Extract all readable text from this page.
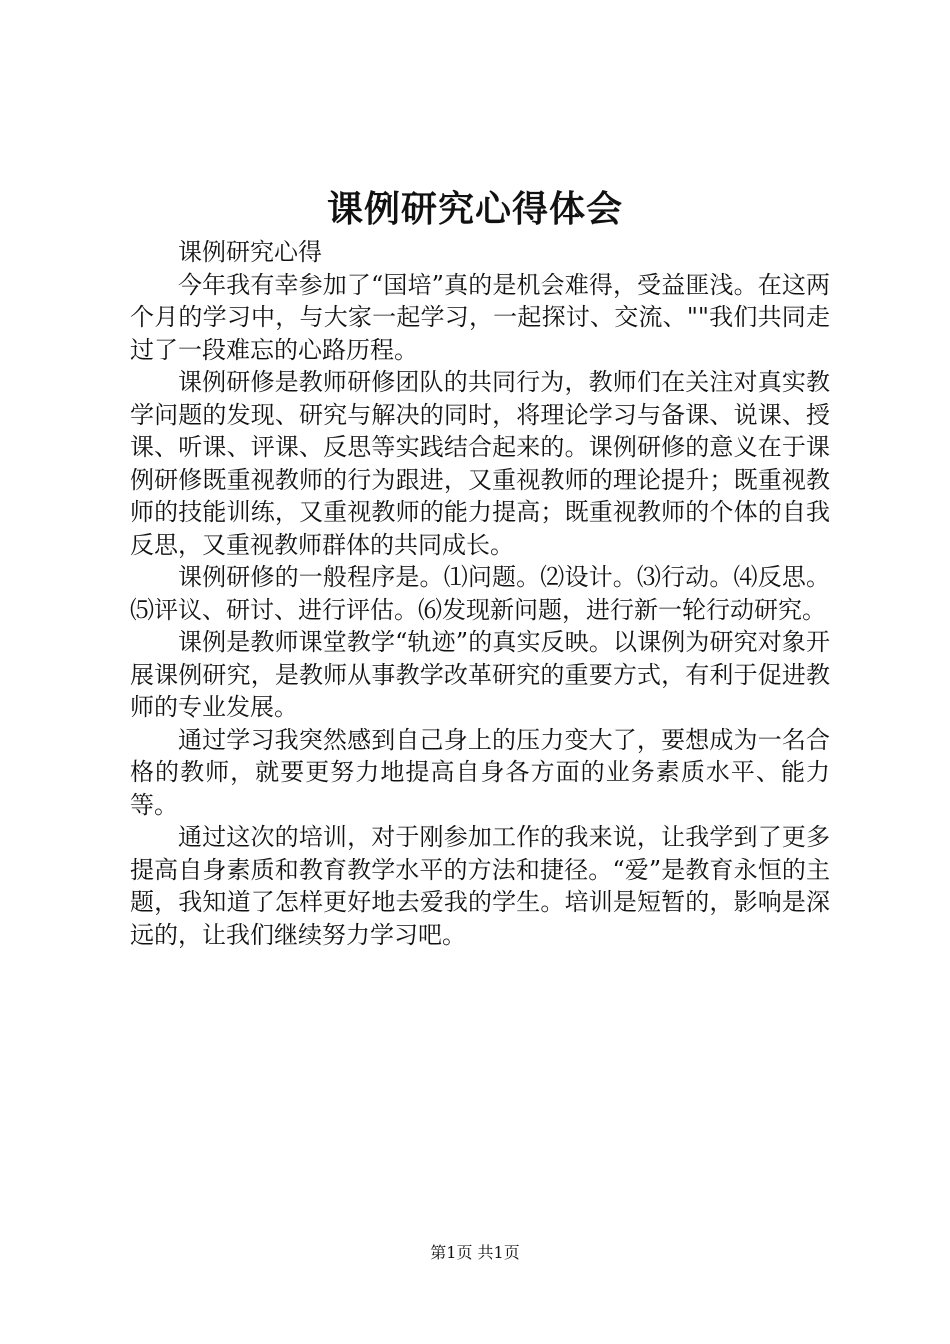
课例研究心得体会

课例研究心得

今年我有幸参加了“国培”真的是机会难得，受益匪浅。在这两个月的学习中，与大家一起学习，一起探讨、交流、""我们共同走过了一段难忘的心路历程。

课例研修是教师研修团队的共同行为，教师们在关注对真实教学问题的发现、研究与解决的同时，将理论学习与备课、说课、授课、听课、评课、反思等实践结合起来的。课例研修的意义在于课例研修既重视教师的行为跟进，又重视教师的理论提升；既重视教师的技能训练，又重视教师的能力提高；既重视教师的个体的自我反思，又重视教师群体的共同成长。

课例研修的一般程序是。⑴问题。⑵设计。⑶行动。⑷反思。⑸评议、研讨、进行评估。⑹发现新问题，进行新一轮行动研究。

课例是教师课堂教学“轨迹”的真实反映。以课例为研究对象开展课例研究，是教师从事教学改革研究的重要方式，有利于促进教师的专业发展。

通过学习我突然感到自己身上的压力变大了，要想成为一名合格的教师，就要更努力地提高自身各方面的业务素质水平、能力等。

通过这次的培训，对于刚参加工作的我来说，让我学到了更多提高自身素质和教育教学水平的方法和捷径。“爱”是教育永恒的主题，我知道了怎样更好地去爱我的学生。培训是短暂的，影响是深远的，让我们继续努力学习吧。

第1页 共1页
